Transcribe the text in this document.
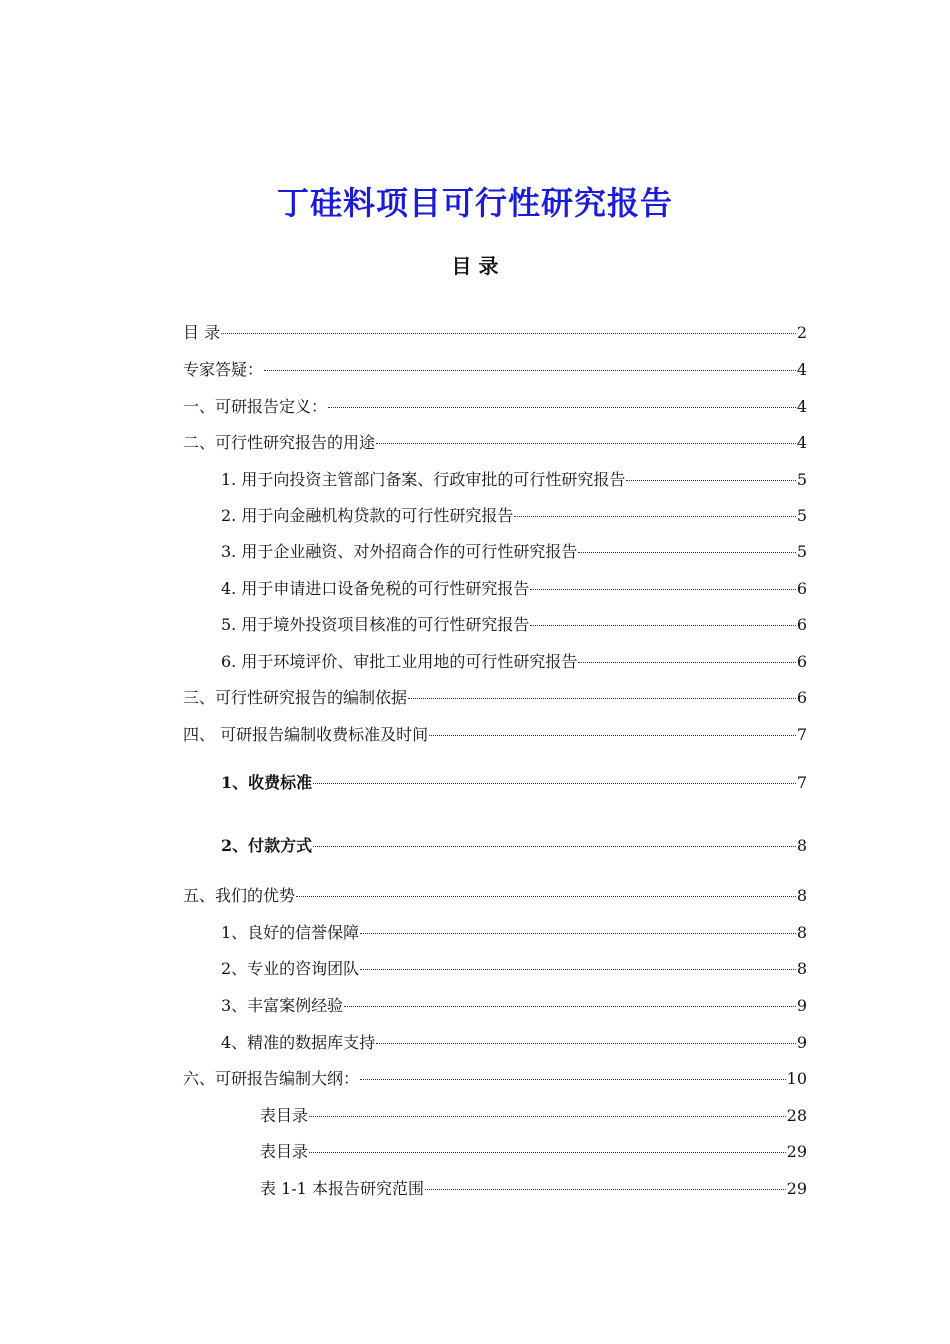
丁硅料项目可行性研究报告
目 录
目 录	2
专家答疑：	4
一、可研报告定义：	4
二、可行性研究报告的用途	4
1. 用于向投资主管部门备案、行政审批的可行性研究报告	5
2. 用于向金融机构贷款的可行性研究报告	5
3. 用于企业融资、对外招商合作的可行性研究报告	5
4. 用于申请进口设备免税的可行性研究报告	6
5. 用于境外投资项目核准的可行性研究报告	6
6. 用于环境评价、审批工业用地的可行性研究报告	6
三、可行性研究报告的编制依据	6
四、 可研报告编制收费标准及时间	7
1、收费标准	7
2、付款方式	8
五、我们的优势	8
1、良好的信誉保障	8
2、专业的咨询团队	8
3、丰富案例经验	9
4、精准的数据库支持	9
六、可研报告编制大纲：	10
表目录	28
表目录	29
表 1-1 本报告研究范围	29
